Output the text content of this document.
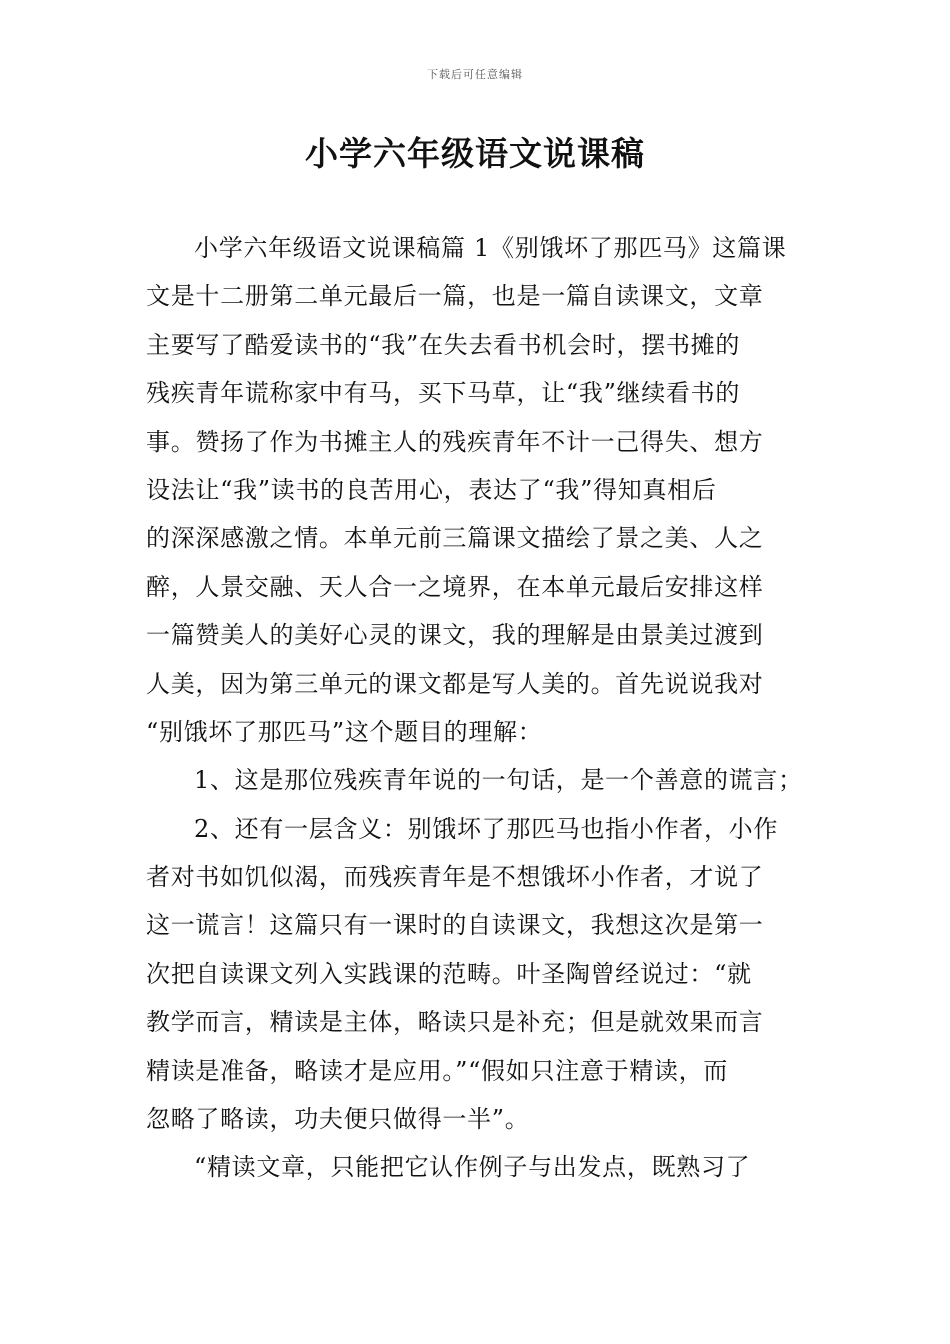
下载后可任意编辑
小学六年级语文说课稿
小学六年级语文说课稿篇 1《别饿坏了那匹马》这篇课
文是十二册第二单元最后一篇，也是一篇自读课文，文章
主要写了酷爱读书的“我”在失去看书机会时，摆书摊的
残疾青年谎称家中有马，买下马草，让“我”继续看书的
事。赞扬了作为书摊主人的残疾青年不计一己得失、想方
设法让“我”读书的良苦用心，表达了“我”得知真相后
的深深感激之情。本单元前三篇课文描绘了景之美、人之
醉，人景交融、天人合一之境界，在本单元最后安排这样
一篇赞美人的美好心灵的课文，我的理解是由景美过渡到
人美，因为第三单元的课文都是写人美的。首先说说我对
“别饿坏了那匹马”这个题目的理解：
1、这是那位残疾青年说的一句话，是一个善意的谎言；
2、还有一层含义：别饿坏了那匹马也指小作者，小作
者对书如饥似渴，而残疾青年是不想饿坏小作者，才说了
这一谎言！这篇只有一课时的自读课文，我想这次是第一
次把自读课文列入实践课的范畴。叶圣陶曾经说过：“就
教学而言，精读是主体，略读只是补充；但是就效果而言
精读是准备，略读才是应用。”“假如只注意于精读，而
忽略了略读，功夫便只做得一半”。
“精读文章，只能把它认作例子与出发点，既熟习了
